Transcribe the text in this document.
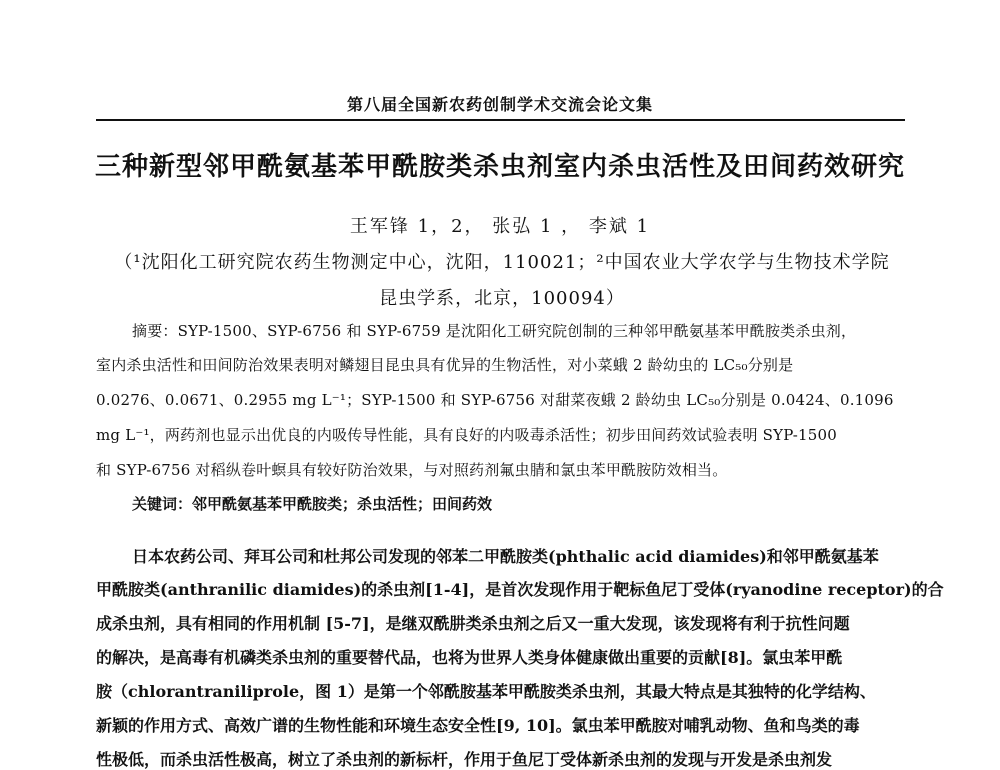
第八届全国新农药创制学术交流会论文集
三种新型邻甲酰氨基苯甲酰胺类杀虫剂室内杀虫活性及田间药效研究
王军锋 1，2， 张弘 1 ， 李斌 1
（¹沈阳化工研究院农药生物测定中心，沈阳，110021；²中国农业大学农学与生物技术学院
昆虫学系，北京，100094）
摘要：SYP-1500、SYP-6756 和 SYP-6759 是沈阳化工研究院创制的三种邻甲酰氨基苯甲酰胺类杀虫剂，
室内杀虫活性和田间防治效果表明对鳞翅目昆虫具有优异的生物活性，对小菜蛾 2 龄幼虫的 LC₅₀分别是
0.0276、0.0671、0.2955 mg L⁻¹；SYP-1500 和 SYP-6756 对甜菜夜蛾 2 龄幼虫 LC₅₀分别是 0.0424、0.1096
mg L⁻¹，两药剂也显示出优良的内吸传导性能，具有良好的内吸毒杀活性；初步田间药效试验表明 SYP-1500
和 SYP-6756 对稻纵卷叶螟具有较好防治效果，与对照药剂氟虫腈和氯虫苯甲酰胺防效相当。
关键词：邻甲酰氨基苯甲酰胺类；杀虫活性；田间药效
日本农药公司、拜耳公司和杜邦公司发现的邻苯二甲酰胺类(phthalic acid diamides)和邻甲酰氨基苯
甲酰胺类(anthranilic diamides)的杀虫剂[1-4]，是首次发现作用于靶标鱼尼丁受体(ryanodine receptor)的合
成杀虫剂，具有相同的作用机制 [5-7]，是继双酰肼类杀虫剂之后又一重大发现，该发现将有利于抗性问题
的解决，是高毒有机磷类杀虫剂的重要替代品，也将为世界人类身体健康做出重要的贡献[8]。氯虫苯甲酰
胺（chlorantraniliprole，图 1）是第一个邻酰胺基苯甲酰胺类杀虫剂，其最大特点是其独特的化学结构、
新颖的作用方式、高效广谱的生物性能和环境生态安全性[9, 10]。氯虫苯甲酰胺对哺乳动物、鱼和鸟类的毒
性极低，而杀虫活性极高，树立了杀虫剂的新标杆，作用于鱼尼丁受体新杀虫剂的发现与开发是杀虫剂发
